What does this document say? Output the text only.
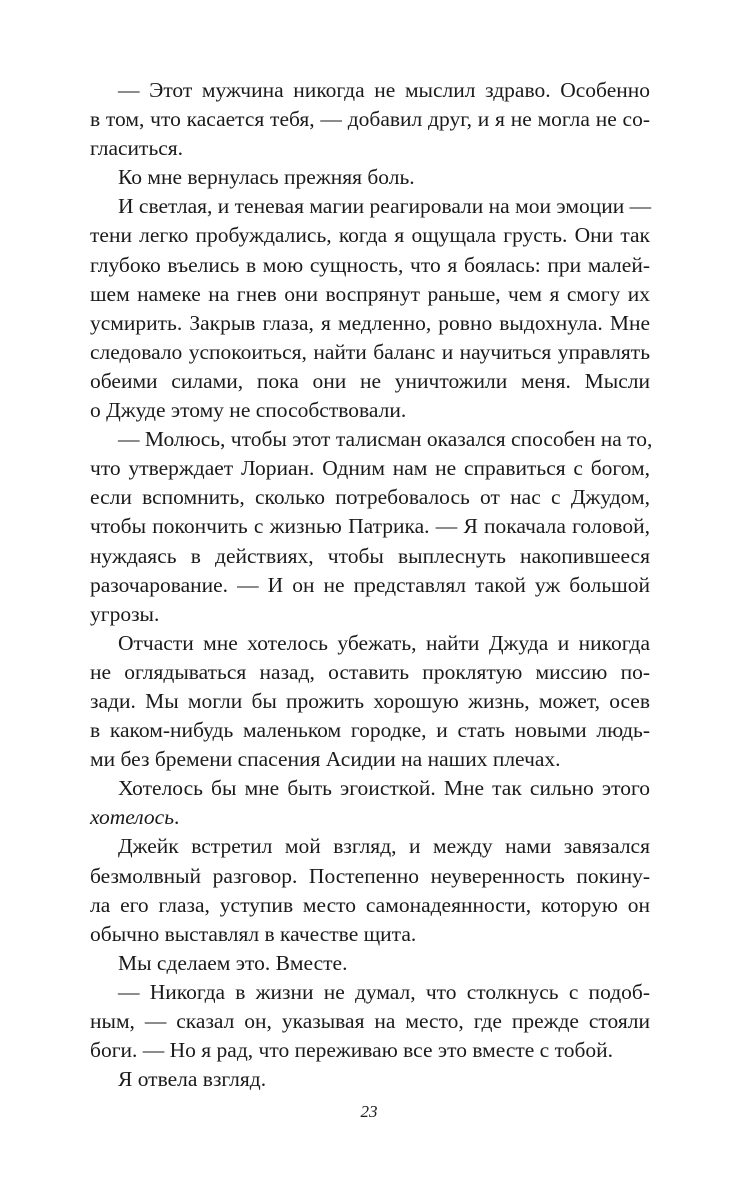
— Этот мужчина никогда не мыслил здраво. Особенно
в том, что касается тебя, — добавил друг, и я не могла не со-
гласиться.

Ко мне вернулась прежняя боль.

И светлая, и теневая магии реагировали на мои эмоции —
тени легко пробуждались, когда я ощущала грусть. Они так
глубоко въелись в мою сущность, что я боялась: при малей-
шем намеке на гнев они воспрянут раньше, чем я смогу их
усмирить. Закрыв глаза, я медленно, ровно выдохнула. Мне
следовало успокоиться, найти баланс и научиться управлять
обеими силами, пока они не уничтожили меня. Мысли
о Джуде этому не способствовали.

— Молюсь, чтобы этот талисман оказался способен на то,
что утверждает Лориан. Одним нам не справиться с богом,
если вспомнить, сколько потребовалось от нас с Джудом,
чтобы покончить с жизнью Патрика. — Я покачала головой,
нуждаясь в действиях, чтобы выплеснуть накопившееся
разочарование. — И он не представлял такой уж большой
угрозы.

Отчасти мне хотелось убежать, найти Джуда и никогда
не оглядываться назад, оставить проклятую миссию по-
зади. Мы могли бы прожить хорошую жизнь, может, осев
в каком-нибудь маленьком городке, и стать новыми людь-
ми без бремени спасения Асидии на наших плечах.

Хотелось бы мне быть эгоисткой. Мне так сильно этого
хотелось.

Джейк встретил мой взгляд, и между нами завязался
безмолвный разговор. Постепенно неуверенность покину-
ла его глаза, уступив место самонадеянности, которую он
обычно выставлял в качестве щита.

Мы сделаем это. Вместе.

— Никогда в жизни не думал, что столкнусь с подоб-
ным, — сказал он, указывая на место, где прежде стояли
боги. — Но я рад, что переживаю все это вместе с тобой.

Я отвела взгляд.

23
